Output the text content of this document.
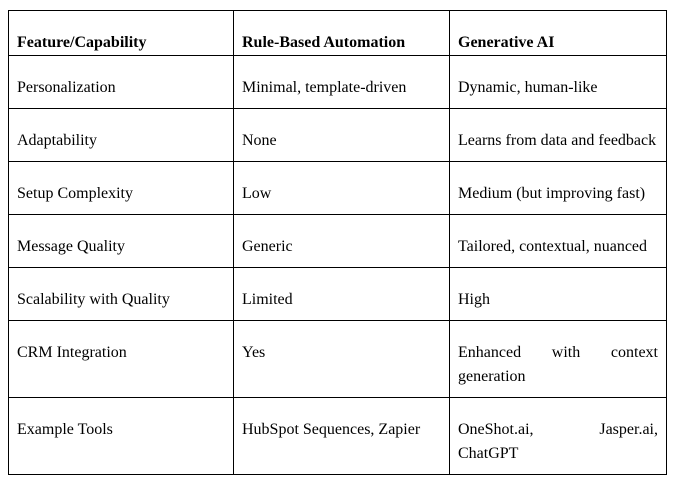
Feature/Capability	Rule-Based Automation	Generative AI
Personalization	Minimal, template-driven	Dynamic, human-like
Adaptability	None	Learns from data and feedback
Setup Complexity	Low	Medium (but improving fast)
Message Quality	Generic	Tailored, contextual, nuanced
Scalability with Quality	Limited	High
CRM Integration	Yes	Enhanced with context generation
Example Tools	HubSpot Sequences, Zapier	OneShot.ai, Jasper.ai, ChatGPT
